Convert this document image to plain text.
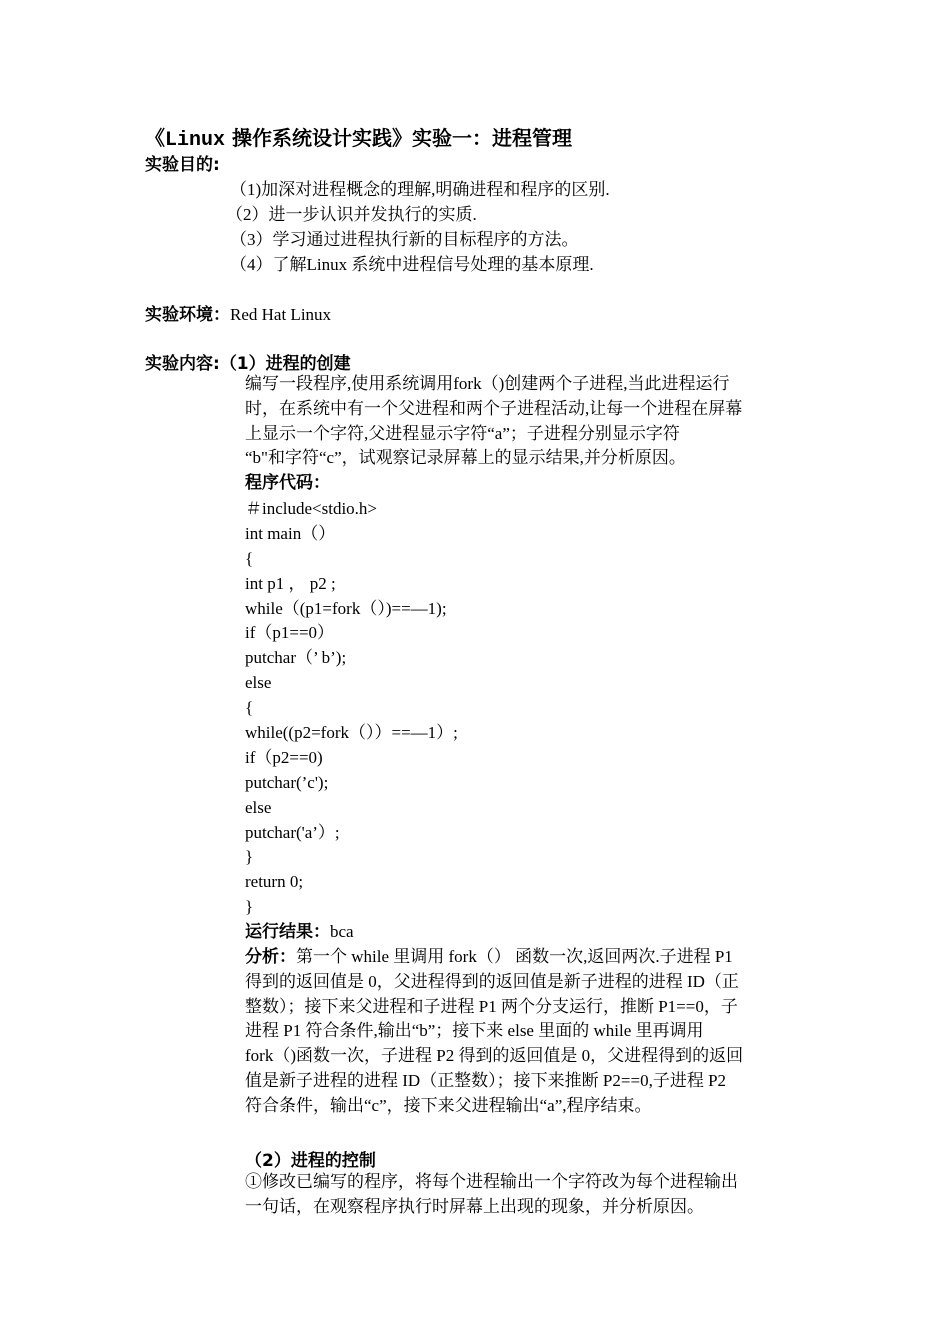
《Linux 操作系统设计实践》实验一：进程管理
实验目的:
（1)加深对进程概念的理解,明确进程和程序的区别.
（2）进一步认识并发执行的实质.
（3）学习通过进程执行新的目标程序的方法。
（4）了解Linux 系统中进程信号处理的基本原理.
实验环境：Red Hat Linux
实验内容:（1）进程的创建
编写一段程序,使用系统调用fork（)创建两个子进程,当此进程运行
时，在系统中有一个父进程和两个子进程活动,让每一个进程在屏幕
上显示一个字符,父进程显示字符“a”；子进程分别显示字符
“b"和字符“c”，试观察记录屏幕上的显示结果,并分析原因。
程序代码：
＃include<stdio.h>
int main（）
{
int p1 ， p2 ;
while（(p1=fork（）)==—1);
if（p1==0）
putchar（’ b’);
else
{
while((p2=fork（））==—1）;
if（p2==0)
putchar(’c');
else
putchar('a’）;
}
return 0;
}
运行结果：bca
分析：第一个 while 里调用 fork（） 函数一次,返回两次.子进程 P1
得到的返回值是 0，父进程得到的返回值是新子进程的进程 ID（正
整数）；接下来父进程和子进程 P1 两个分支运行，推断 P1==0，子
进程 P1 符合条件,输出“b”；接下来 else 里面的 while 里再调用
fork（)函数一次，子进程 P2 得到的返回值是 0，父进程得到的返回
值是新子进程的进程 ID（正整数）；接下来推断 P2==0,子进程 P2
符合条件，输出“c”，接下来父进程输出“a”,程序结束。
（2）进程的控制
①修改已编写的程序，将每个进程输出一个字符改为每个进程输出
一句话，在观察程序执行时屏幕上出现的现象，并分析原因。
